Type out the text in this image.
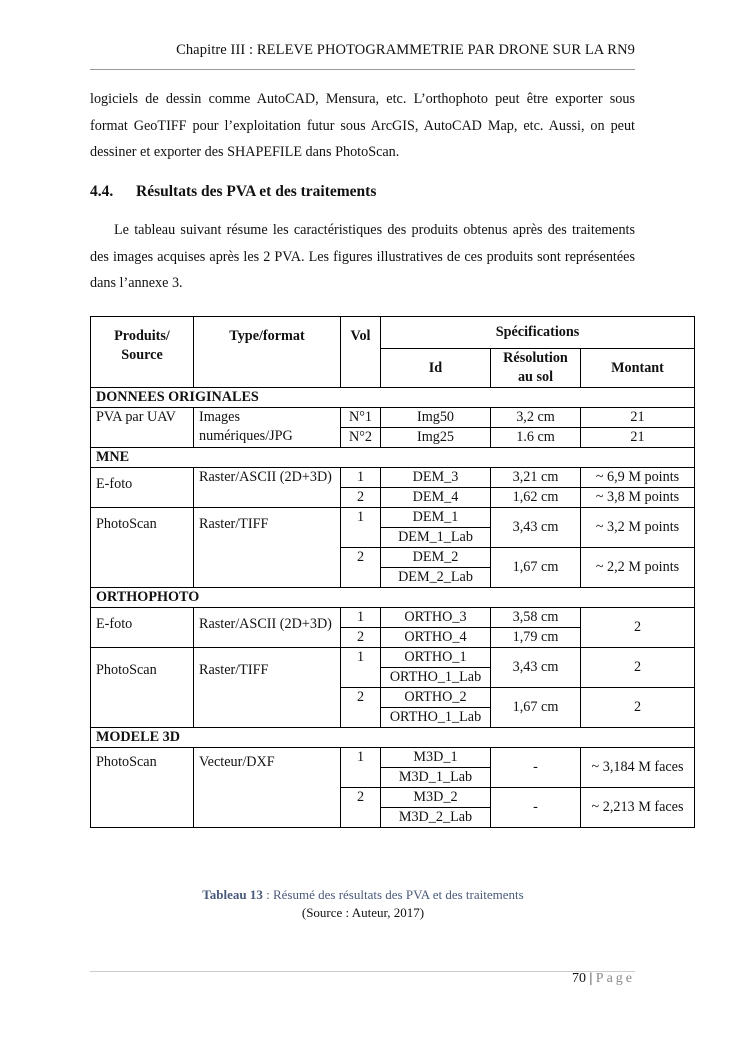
Chapitre III : RELEVE PHOTOGRAMMETRIE PAR DRONE SUR LA RN9

logiciels de dessin comme AutoCAD, Mensura, etc. L’orthophoto peut être exporter sous format GeoTIFF pour l’exploitation futur sous ArcGIS, AutoCAD Map, etc. Aussi, on peut dessiner et exporter des SHAPEFILE dans PhotoScan.

4.4. Résultats des PVA et des traitements

Le tableau suivant résume les caractéristiques des produits obtenus après des traitements des images acquises après les 2 PVA. Les figures illustratives de ces produits sont représentées dans l’annexe 3.

Produits/ Source	Type/format	Vol	Spécifications		
			Id	Résolution au sol	Montant
DONNEES ORIGINALES					
PVA par UAV	Images numériques/JPG	N°1	Img50	3,2 cm	21
		N°2	Img25	1.6 cm	21
MNE					
E-foto	Raster/ASCII (2D+3D)	1	DEM_3	3,21 cm	~ 6,9 M points
		2	DEM_4	1,62 cm	~ 3,8 M points
PhotoScan	Raster/TIFF	1	DEM_1	3,43 cm	~ 3,2 M points
			DEM_1_Lab		
		2	DEM_2	1,67 cm	~ 2,2 M points
			DEM_2_Lab		
ORTHOPHOTO					
E-foto	Raster/ASCII (2D+3D)	1	ORTHO_3	3,58 cm	2
		2	ORTHO_4	1,79 cm	
PhotoScan	Raster/TIFF	1	ORTHO_1	3,43 cm	2
			ORTHO_1_Lab		
		2	ORTHO_2	1,67 cm	2
			ORTHO_1_Lab		
MODELE 3D					
PhotoScan	Vecteur/DXF	1	M3D_1	-	~ 3,184 M faces
			M3D_1_Lab		
		2	M3D_2	-	~ 2,213 M faces
			M3D_2_Lab		
Tableau 13 : Résumé des résultats des PVA et des traitements
(Source : Auteur, 2017)
70 | Page
